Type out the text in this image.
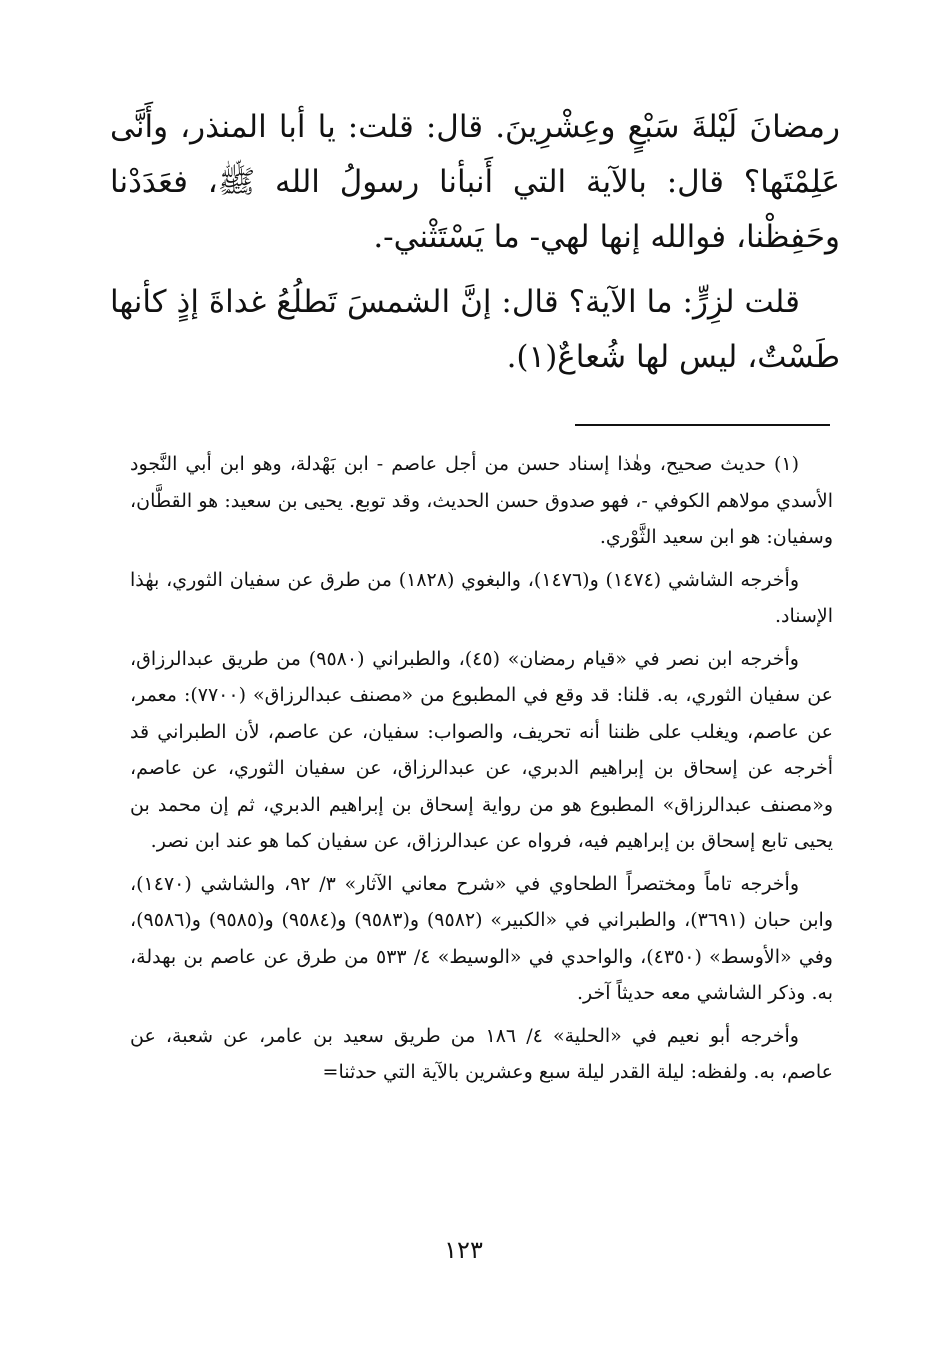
رمضانَ لَيْلةَ سَبْعٍ وعِشْرِينَ. قال: قلت: يا أبا المنذر، وأَنَّى عَلِمْتَها؟ قال: بالآية التي أَنبأنا رسولُ الله ﷺ، فعَدَدْنا وحَفِظْنا، فوالله إنها لهي- ما يَسْتَثْني-.

قلت لزِرٍّ: ما الآية؟ قال: إنَّ الشمسَ تَطلُعُ غداةَ إذٍ كأنها طَسْتٌ، ليس لها شُعاعٌ(١).

(١) حديث صحيح، وهٰذا إسناد حسن من أجل عاصم - ابن بَهْدلة، وهو ابن أبي النَّجود الأسدي مولاهم الكوفي -، فهو صدوق حسن الحديث، وقد توبع. يحيى بن سعيد: هو القطَّان، وسفيان: هو ابن سعيد الثَّوْري.

وأخرجه الشاشي (١٤٧٤) و(١٤٧٦)، والبغوي (١٨٢٨) من طرق عن سفيان الثوري، بهٰذا الإسناد.

وأخرجه ابن نصر في «قيام رمضان» (٤٥)، والطبراني (٩٥٨٠) من طريق عبدالرزاق، عن سفيان الثوري، به. قلنا: قد وقع في المطبوع من «مصنف عبدالرزاق» (٧٧٠٠): معمر، عن عاصم، ويغلب على ظننا أنه تحريف، والصواب: سفيان، عن عاصم، لأن الطبراني قد أخرجه عن إسحاق بن إبراهيم الدبري، عن عبدالرزاق، عن سفيان الثوري، عن عاصم، و«مصنف عبدالرزاق» المطبوع هو من رواية إسحاق بن إبراهيم الدبري، ثم إن محمد بن يحيى تابع إسحاق بن إبراهيم فيه، فرواه عن عبدالرزاق، عن سفيان كما هو عند ابن نصر.

وأخرجه تاماً ومختصراً الطحاوي في «شرح معاني الآثار» ٣/ ٩٢، والشاشي (١٤٧٠)، وابن حبان (٣٦٩١)، والطبراني في «الكبير» (٩٥٨٢) و(٩٥٨٣) و(٩٥٨٤) و(٩٥٨٥) و(٩٥٨٦)، وفي «الأوسط» (٤٣٥٠)، والواحدي في «الوسيط» ٤/ ٥٣٣ من طرق عن عاصم بن بهدلة، به. وذكر الشاشي معه حديثاً آخر.

وأخرجه أبو نعيم في «الحلية» ٤/ ١٨٦ من طريق سعيد بن عامر، عن شعبة، عن عاصم، به. ولفظه: ليلة القدر ليلة سبع وعشرين بالآية التي حدثنا=

١٢٣
